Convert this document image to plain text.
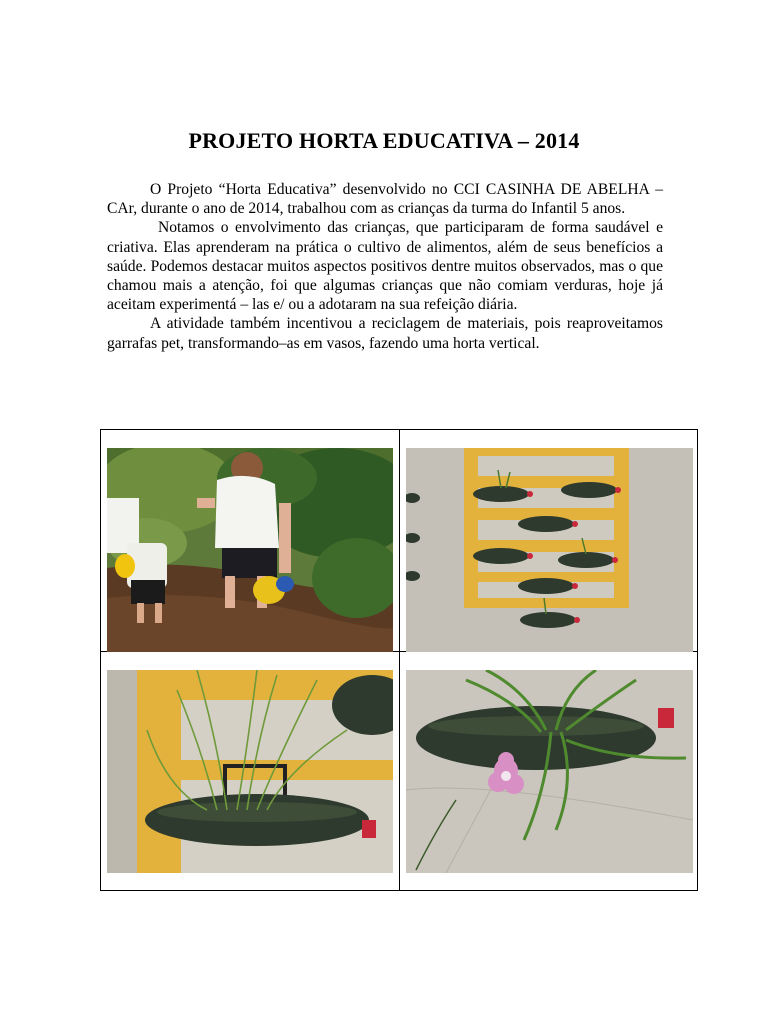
PROJETO HORTA EDUCATIVA – 2014

O Projeto “Horta Educativa” desenvolvido no CCI CASINHA DE ABELHA – CAr, durante o ano de 2014, trabalhou com as crianças da turma do Infantil 5 anos.

Notamos o envolvimento das crianças, que participaram de forma saudável e criativa. Elas aprenderam na prática o cultivo de alimentos, além de seus benefícios a saúde. Podemos destacar muitos aspectos positivos dentre muitos observados, mas o que chamou mais a atenção, foi que algumas crianças que não comiam verduras, hoje já aceitam experimentá – las e/ ou a adotaram na sua refeição diária.

A atividade também incentivou a reciclagem de materiais, pois reaproveitamos garrafas pet, transformando–as em vasos, fazendo uma horta vertical.
